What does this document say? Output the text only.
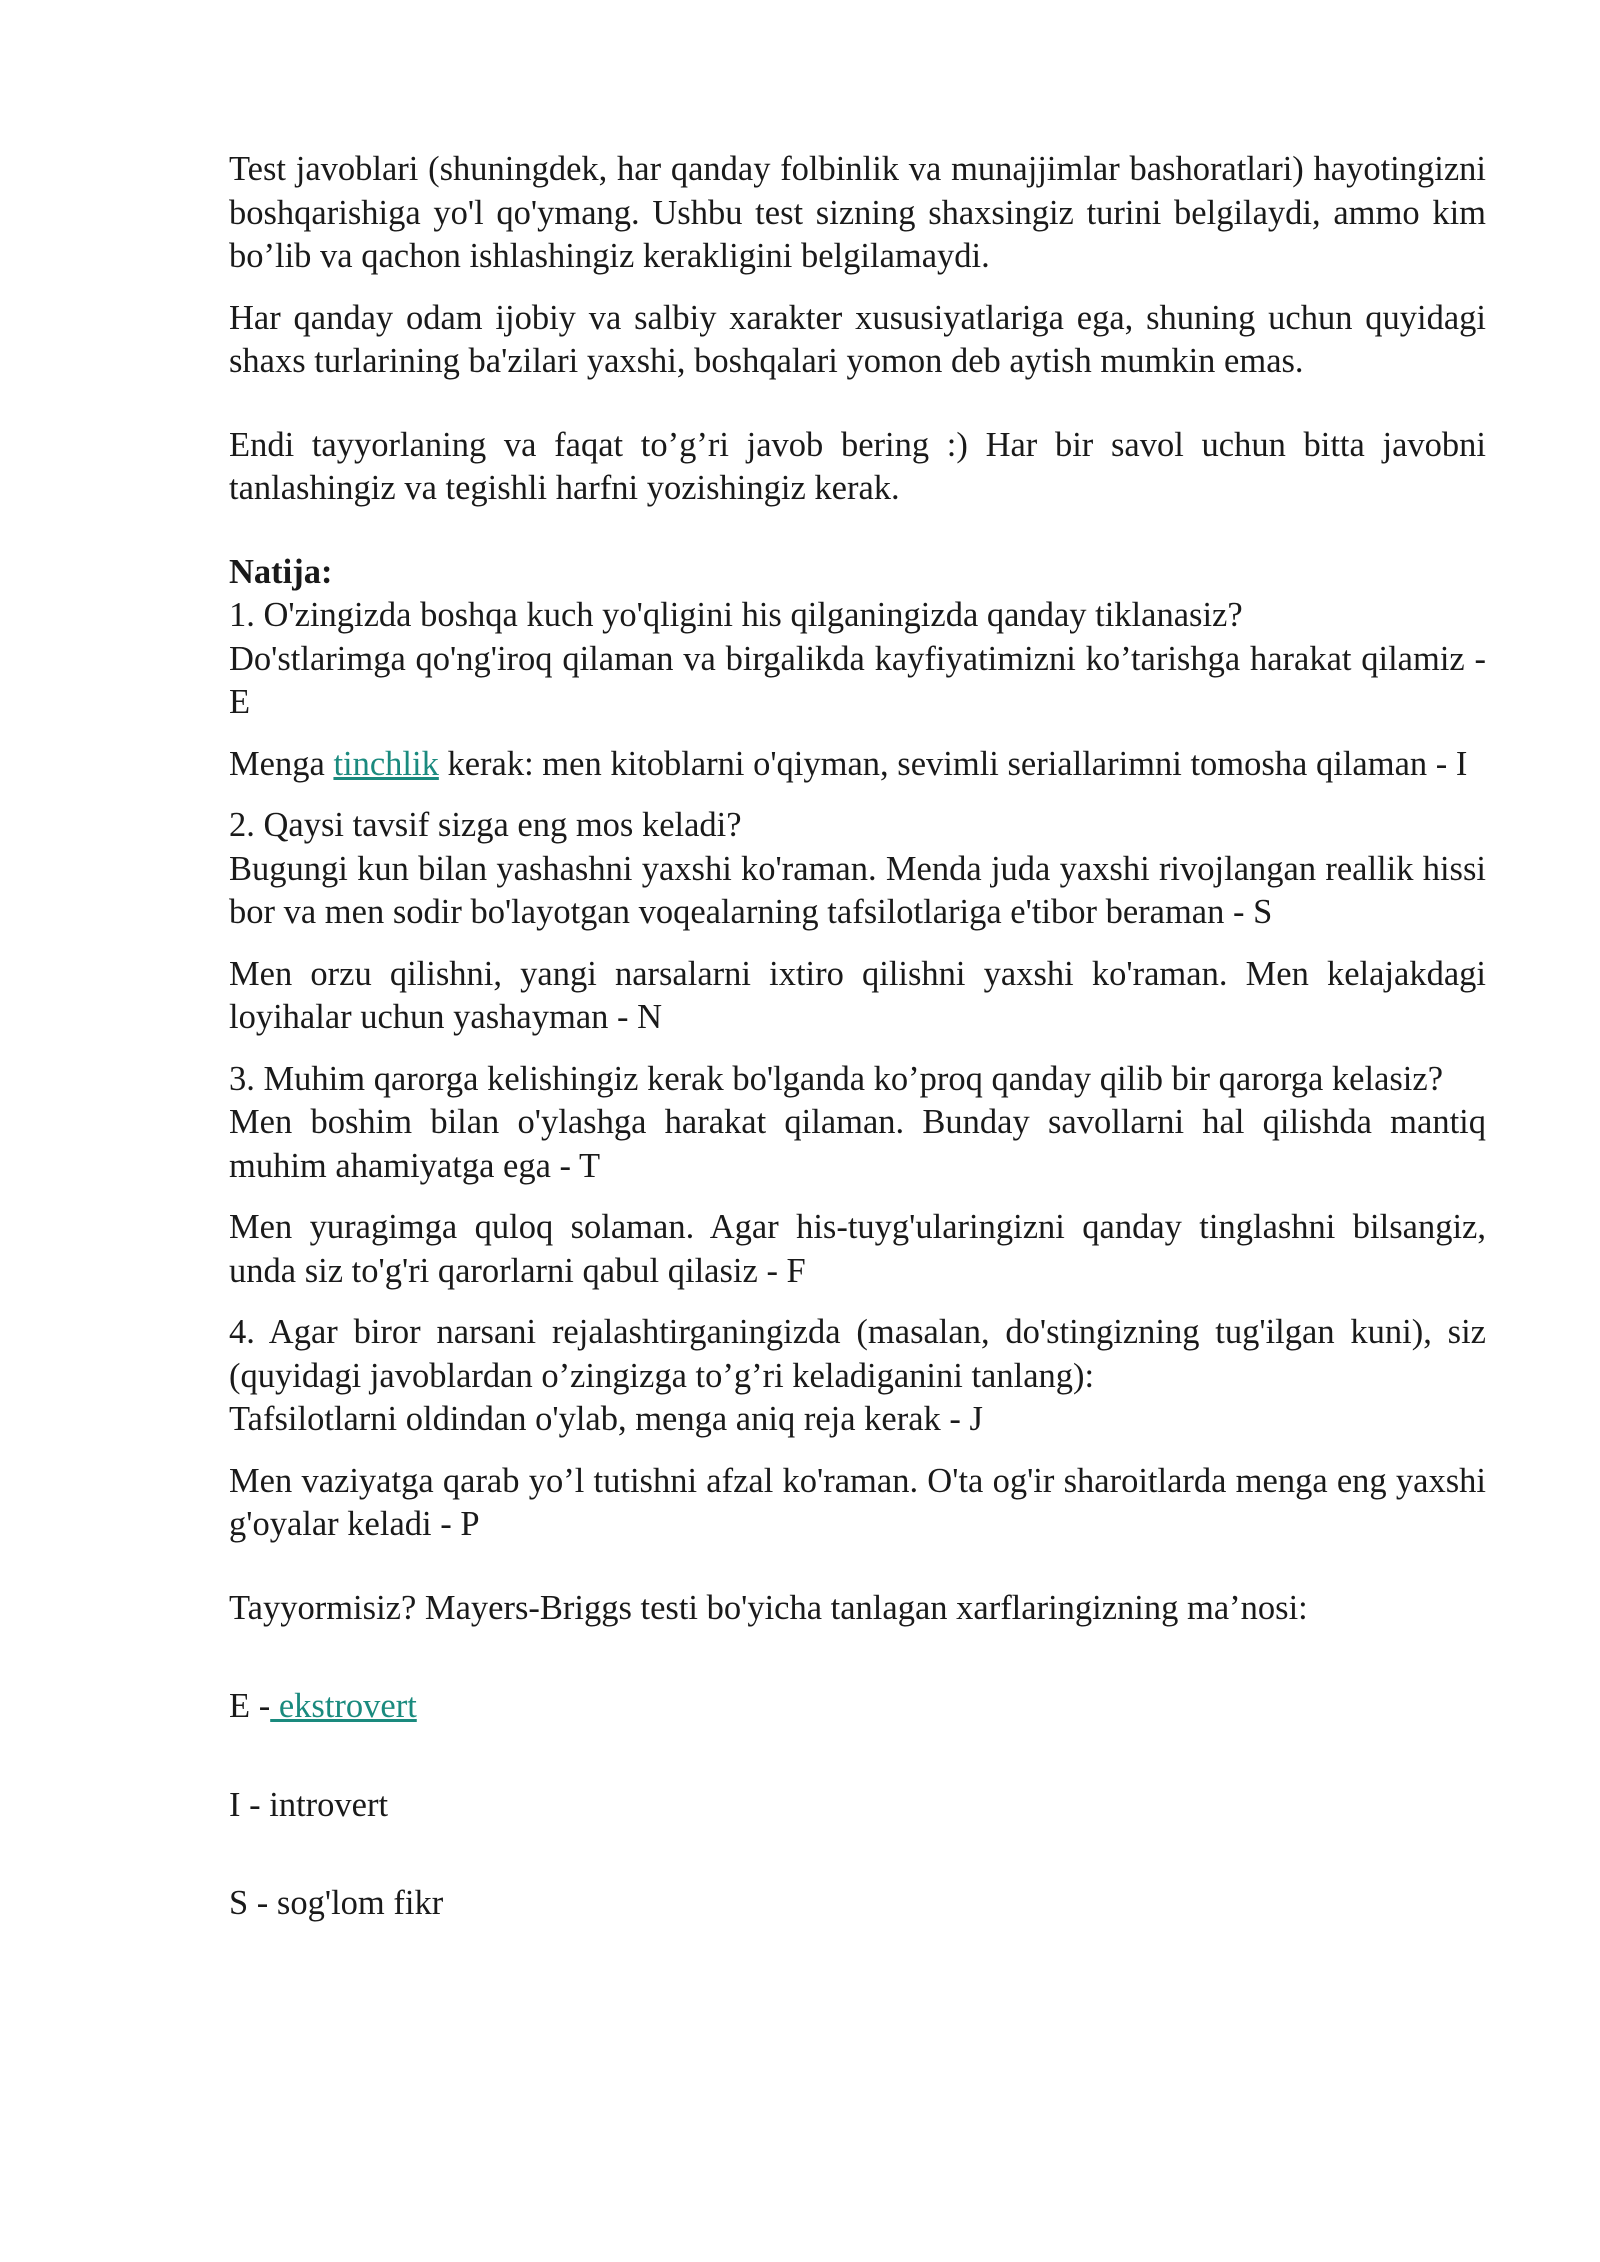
Test javoblari (shuningdek, har qanday folbinlik va munajjimlar bashoratlari) hayotingizni boshqarishiga yo'l qo'ymang. Ushbu test sizning shaxsingiz turini belgilaydi, ammo kim bo’lib va qachon ishlashingiz kerakligini belgilamaydi.

Har qanday odam ijobiy va salbiy xarakter xususiyatlariga ega, shuning uchun quyidagi shaxs turlarining ba'zilari yaxshi, boshqalari yomon deb aytish mumkin emas.

Endi tayyorlaning va faqat to’g’ri javob bering :) Har bir savol uchun bitta javobni tanlashingiz va tegishli harfni yozishingiz kerak.

Natija:

1. O'zingizda boshqa kuch yo'qligini his qilganingizda qanday tiklanasiz?

Do'stlarimga qo'ng'iroq qilaman va birgalikda kayfiyatimizni ko’tarishga harakat qilamiz - E

Menga tinchlik kerak: men kitoblarni o'qiyman, sevimli seriallarimni tomosha qilaman - I

2. Qaysi tavsif sizga eng mos keladi?

Bugungi kun bilan yashashni yaxshi ko'raman. Menda juda yaxshi rivojlangan reallik hissi bor va men sodir bo'layotgan voqealarning tafsilotlariga e'tibor beraman - S

Men orzu qilishni, yangi narsalarni ixtiro qilishni yaxshi ko'raman. Men kelajakdagi loyihalar uchun yashayman - N

3. Muhim qarorga kelishingiz kerak bo'lganda ko’proq qanday qilib bir qarorga kelasiz?

Men boshim bilan o'ylashga harakat qilaman. Bunday savollarni hal qilishda mantiq muhim ahamiyatga ega - T

Men yuragimga quloq solaman. Agar his-tuyg'ularingizni qanday tinglashni bilsangiz, unda siz to'g'ri qarorlarni qabul qilasiz - F

4. Agar biror narsani rejalashtirganingizda (masalan, do'stingizning tug'ilgan kuni), siz (quyidagi javoblardan o’zingizga to’g’ri keladiganini tanlang):

Tafsilotlarni oldindan o'ylab, menga aniq reja kerak - J

Men vaziyatga qarab yo’l tutishni afzal ko'raman. O'ta og'ir sharoitlarda menga eng yaxshi g'oyalar keladi - P

Tayyormisiz? Mayers-Briggs testi bo'yicha tanlagan xarflaringizning ma’nosi:

E - ekstrovert

I - introvert

S - sog'lom fikr
